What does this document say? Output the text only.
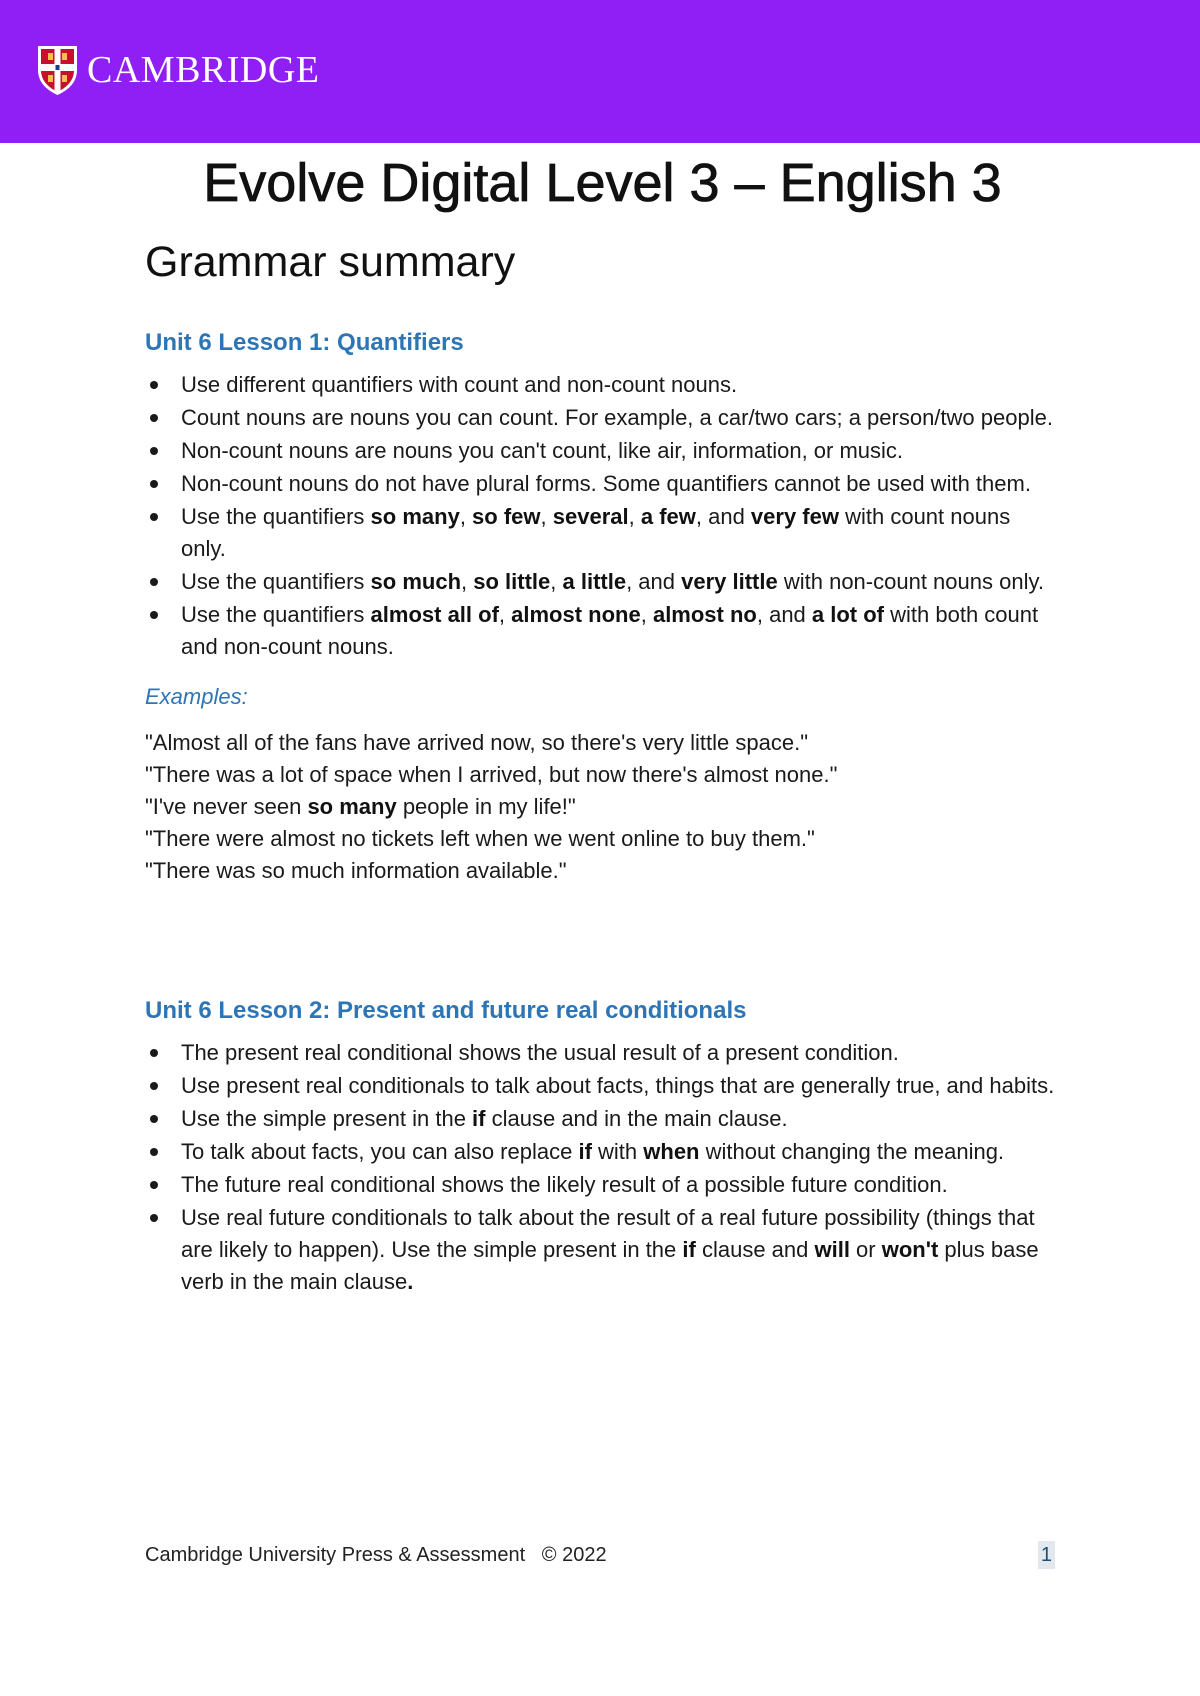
CAMBRIDGE
Evolve Digital Level 3 – English 3
Grammar summary
Unit 6 Lesson 1: Quantifiers
Use different quantifiers with count and non-count nouns.
Count nouns are nouns you can count. For example, a car/two cars; a person/two people.
Non-count nouns are nouns you can't count, like air, information, or music.
Non-count nouns do not have plural forms. Some quantifiers cannot be used with them.
Use the quantifiers so many, so few, several, a few, and very few with count nouns only.
Use the quantifiers so much, so little, a little, and very little with non-count nouns only.
Use the quantifiers almost all of, almost none, almost no, and a lot of with both count and non-count nouns.
Examples:

"Almost all of the fans have arrived now, so there's very little space."

"There was a lot of space when I arrived, but now there's almost none."

"I've never seen so many people in my life!"

"There were almost no tickets left when we went online to buy them."

"There was so much information available."

Unit 6 Lesson 2: Present and future real conditionals
The present real conditional shows the usual result of a present condition.
Use present real conditionals to talk about facts, things that are generally true, and habits.
Use the simple present in the if clause and in the main clause.
To talk about facts, you can also replace if with when without changing the meaning.
The future real conditional shows the likely result of a possible future condition.
Use real future conditionals to talk about the result of a real future possibility (things that are likely to happen). Use the simple present in the if clause and will or won't plus base verb in the main clause.
Cambridge University Press & Assessment   © 2022	1
